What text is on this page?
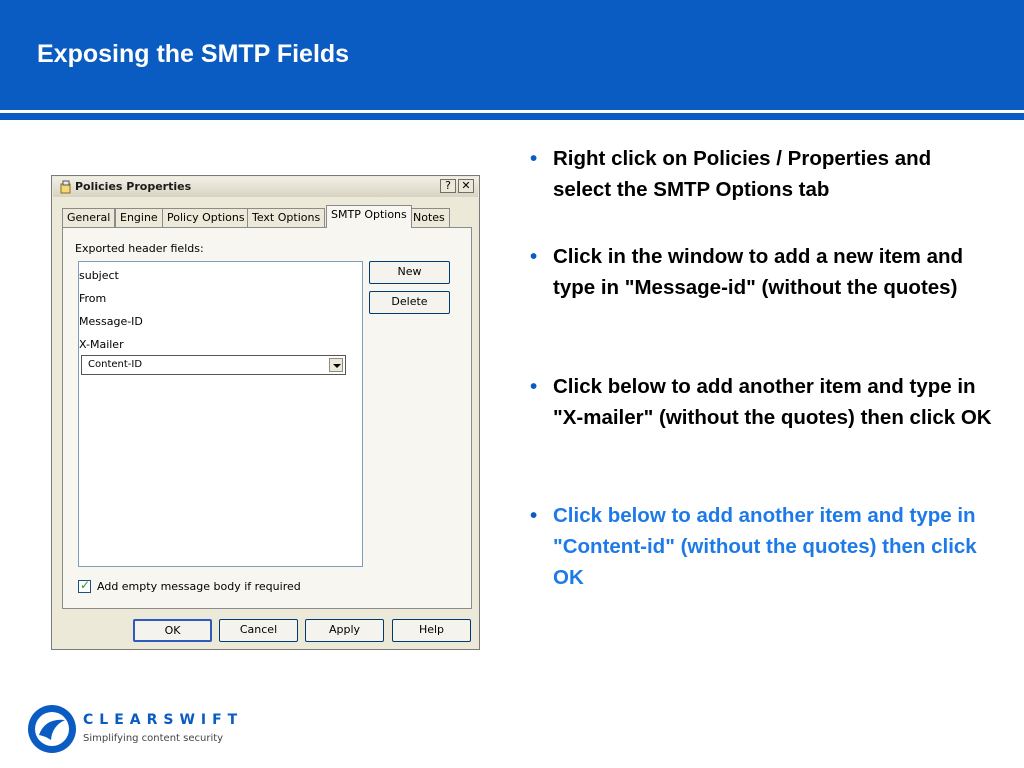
Exposing the SMTP Fields
Policies Properties	? ✕
General Engine Policy Options Text Options SMTP Options Notes
Exported header fields:
subject
From
Message-ID
X-Mailer
Content-ID
New
Delete
✓
Add empty message body if required
OK	Cancel	Apply	Help
• Right click on Policies / Properties and select the SMTP Options tab
• Click in the window to add a new item and type in "Message-id" (without the quotes)
• Click below to add another item and type in "X-mailer" (without the quotes) then click OK
• Click below to add another item and type in "Content-id" (without the quotes) then click OK
CLEARSWIFT
Simplifying content security
